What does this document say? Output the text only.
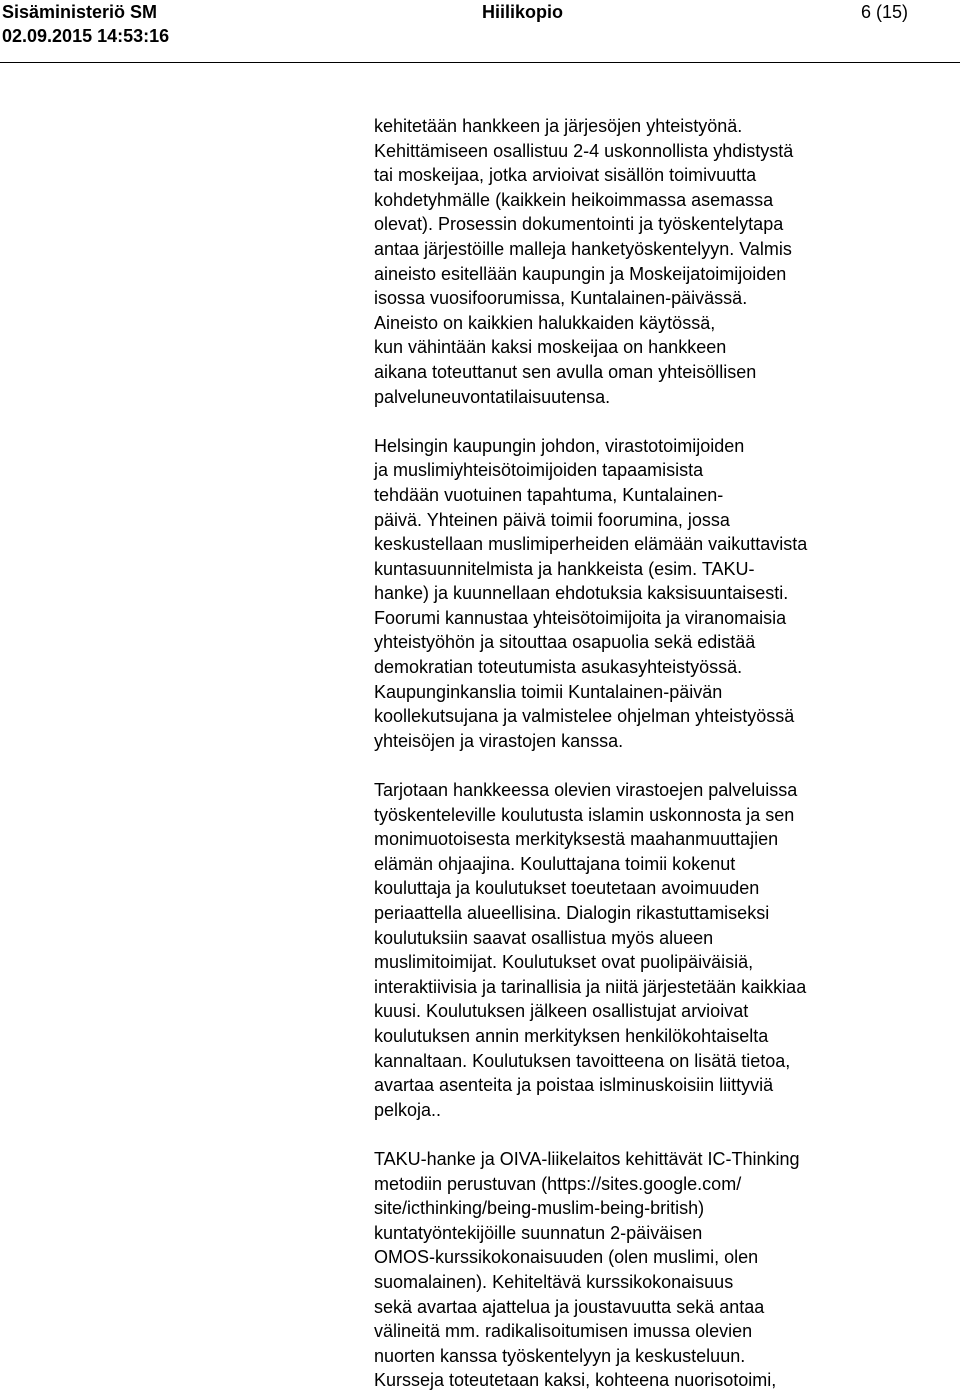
Sisäministeriö SM
02.09.2015 14:53:16
Hiilikopio	6 (15)
kehitetään hankkeen ja järjesöjen yhteistyönä.
Kehittämiseen osallistuu 2-4 uskonnollista yhdistystä
tai moskeijaa, jotka arvioivat sisällön toimivuutta
kohdetyhmälle (kaikkein heikoimmassa asemassa
olevat). Prosessin dokumentointi ja työskentelytapa
antaa järjestöille malleja hanketyöskentelyyn. Valmis
aineisto esitellään kaupungin ja Moskeijatoimijoiden
isossa vuosifoorumissa, Kuntalainen-päivässä.
Aineisto on kaikkien halukkaiden käytössä,
kun vähintään kaksi moskeijaa on hankkeen
aikana toteuttanut sen avulla oman yhteisöllisen
palveluneuvontatilaisuutensa.
Helsingin kaupungin johdon, virastotoimijoiden
ja muslimiyhteisötoimijoiden tapaamisista
tehdään vuotuinen tapahtuma, Kuntalainen-
päivä. Yhteinen päivä toimii foorumina, jossa
keskustellaan muslimiperheiden elämään vaikuttavista
kuntasuunnitelmista ja hankkeista (esim. TAKU-
hanke) ja kuunnellaan ehdotuksia kaksisuuntaisesti.
Foorumi kannustaa yhteisötoimijoita ja viranomaisia
yhteistyöhön ja sitouttaa osapuolia sekä edistää
demokratian toteutumista asukasyhteistyössä.
Kaupunginkanslia toimii Kuntalainen-päivän
koollekutsujana ja valmistelee ohjelman yhteistyössä
yhteisöjen ja virastojen kanssa.
Tarjotaan hankkeessa olevien virastoejen palveluissa
työskenteleville koulutusta islamin uskonnosta ja sen
monimuotoisesta merkityksestä maahanmuuttajien
elämän ohjaajina. Kouluttajana toimii kokenut
kouluttaja ja koulutukset toeutetaan avoimuuden
periaattella alueellisina. Dialogin rikastuttamiseksi
koulutuksiin saavat osallistua myös alueen
muslimitoimijat. Koulutukset ovat puolipäiväisiä,
interaktiivisia ja tarinallisia ja niitä järjestetään kaikkiaa
kuusi. Koulutuksen jälkeen osallistujat arvioivat
koulutuksen annin merkityksen henkilökohtaiselta
kannaltaan. Koulutuksen tavoitteena on lisätä tietoa,
avartaa asenteita ja poistaa islminuskoisiin liittyviä
pelkoja..
TAKU-hanke ja OIVA-liikelaitos kehittävät IC-Thinking
metodiin perustuvan (https://sites.google.com/
site/icthinking/being-muslim-being-british)
kuntatyöntekijöille suunnatun 2-päiväisen
OMOS-kurssikokonaisuuden (olen muslimi, olen
suomalainen). Kehiteltävä kurssikokonaisuus
sekä avartaa ajattelua ja joustavuutta sekä antaa
välineitä mm. radikalisoitumisen imussa olevien
nuorten kanssa työskentelyyn ja keskusteluun.
Kursseja toteutetaan kaksi, kohteena nuorisotoimi,
